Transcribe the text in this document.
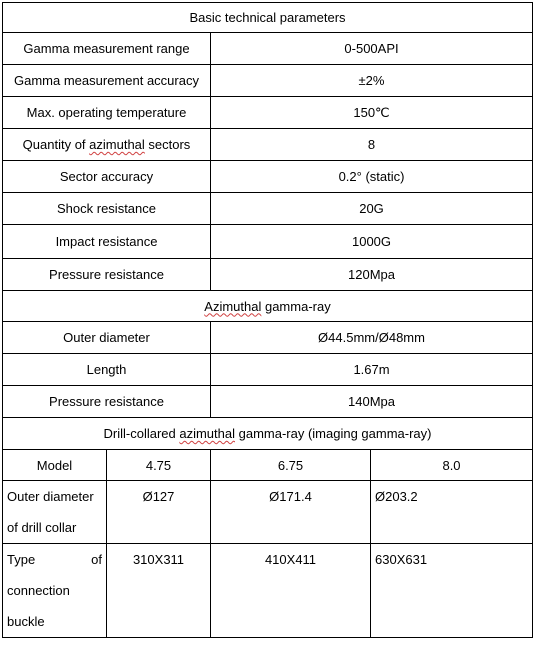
Basic technical parameters			
Gamma measurement range		0-500API	
Gamma measurement accuracy		±2%	
Max. operating temperature		150℃	
Quantity of azimuthal sectors		8	
Sector accuracy		0.2° (static)	
Shock resistance		20G	
Impact resistance		1000G	
Pressure resistance		120Mpa	
Azimuthal gamma-ray			
Outer diameter		Ø44.5mm/Ø48mm	
Length		1.67m	
Pressure resistance		140Mpa	
Drill-collared azimuthal gamma-ray (imaging gamma-ray)			
Model	4.75	6.75	8.0

Outer diameter
of drill collar	Ø127	Ø171.4	Ø203.2

Type of
connection
buckle	310X311	410X411	630X631
